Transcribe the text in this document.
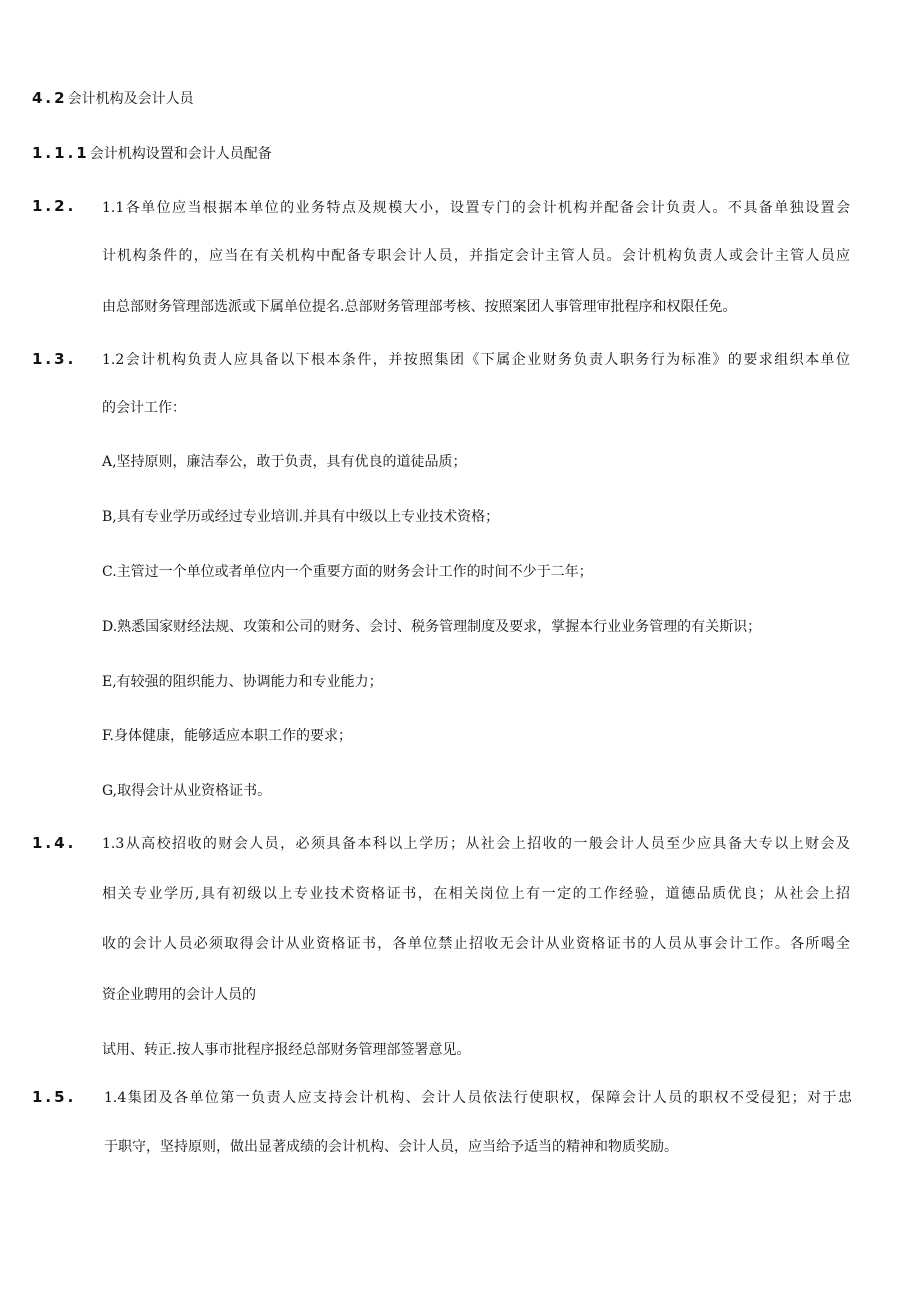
4.2会计机构及会计人员
1.1.1会计机构设置和会计人员配备
1.2. 1.1各单位应当根据本单位的业务特点及规模大小，设置专门的会计机构并配备会计负责人。不具备单独设置会
计机构条件的，应当在有关机构中配备专职会计人员，并指定会计主管人员。会计机构负责人或会计主管人员应
由总部财务管理部选派或下属单位提名.总部财务管理部考核、按照案团人事管理审批程序和权限任免。
1.3. 1.2会计机构负责人应具备以下根本条件，并按照集团《下属企业财务负责人职务行为标准》的要求组织本单位
的会计工作：
A,坚持原则，廉洁奉公，敢于负责，具有优良的道徒品质；
B,具有专业学历或经过专业培训.并具有中级以上专业技术资格；
C.主管过一个单位或者单位内一个重要方面的财务会计工作的时间不少于二年；
D.熟悉国家财经法规、攻策和公司的财务、会讨、税务管理制度及要求，掌握本行业业务管理的有关斯识；
E,有较强的阻织能力、协调能力和专业能力；
F.身体健康，能够适应本职工作的要求；
G,取得会计从业资格证书。
1.4. 1.3从高校招收的财会人员，必须具备本科以上学历；从社会上招收的一般会计人员至少应具备大专以上财会及
相关专业学历,具有初级以上专业技术资格证书，在相关岗位上有一定的工作经验，道德品质优良；从社会上招
收的会计人员必须取得会计从业资格证书，各单位禁止招收无会计从业资格证书的人员从事会计工作。各所喝全
资企业聘用的会计人员的
试用、转正.按人事市批程序报经总部财务管理部签署意见。
1.5. 1.4集团及各单位第一负责人应支持会计机构、会计人员依法行使职权，保障会计人员的职权不受侵犯；对于忠
于职守，坚持原则，做出显著成绩的会计机构、会计人员，应当给予适当的精神和物质奖励。
